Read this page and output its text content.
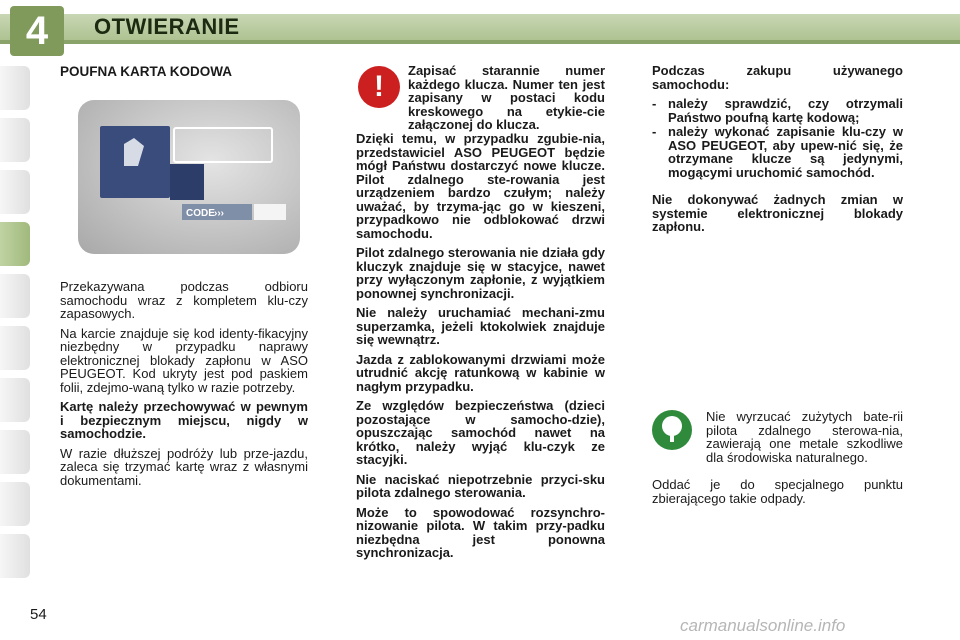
4	OTWIERANIE
POUFNA KARTA KODOWA
CODE ›››

Przekazywana podczas odbioru samochodu wraz z kompletem klu-czy zapasowych.

Na karcie znajduje się kod identy-fikacyjny niezbędny w przypadku naprawy elektronicznej blokady zapłonu w ASO PEUGEOT. Kod ukryty jest pod paskiem folii, zdejmo-waną tylko w razie potrzeby.

Kartę należy przechowywać w pewnym i bezpiecznym miejscu, nigdy w samochodzie.

W razie dłuższej podróży lub prze-jazdu, zaleca się trzymać kartę wraz z własnymi dokumentami.

!	Zapisać starannie numer każdego klucza. Numer ten jest zapisany w postaci kodu kreskowego na etykie-cie załączonej do klucza.

Dzięki temu, w przypadku zgubie-nia, przedstawiciel ASO PEUGEOT będzie mógł Państwu dostarczyć nowe klucze. Pilot zdalnego ste-rowania jest urządzeniem bardzo czułym; należy uważać, by trzyma-jąc go w kieszeni, przypadkowo nie odblokować drzwi samochodu.

Pilot zdalnego sterowania nie działa gdy kluczyk znajduje się w stacyjce, nawet przy wyłączonym zapłonie, z wyjątkiem ponownej synchronizacji.

Nie należy uruchamiać mechani-zmu superzamka, jeżeli ktokolwiek znajduje się wewnątrz.

Jazda z zablokowanymi drzwiami może utrudnić akcję ratunkową w kabinie w nagłym przypadku.

Ze względów bezpieczeństwa (dzieci pozostające w samocho-dzie), opuszczając samochód nawet na krótko, należy wyjąć klu-czyk ze stacyjki.

Nie naciskać niepotrzebnie przyci-sku pilota zdalnego sterowania.

Może to spowodować rozsynchro-nizowanie pilota. W takim przy-padku niezbędna jest ponowna synchronizacja.

Podczas zakupu używanego samochodu:

- należy sprawdzić, czy otrzymali Państwo poufną kartę kodową;
- należy wykonać zapisanie klu-czy w ASO PEUGEOT, aby upew-nić się, że otrzymane klucze są jedynymi, mogącymi uruchomić samochód.

Nie dokonywać żadnych zmian w systemie elektronicznej blokady zapłonu.

Nie wyrzucać zużytych bate-rii pilota zdalnego sterowa-nia, zawierają one metale szkodliwe dla środowiska naturalnego.

Oddać je do specjalnego punktu zbierającego takie odpady.

54
carmanualsonline.info
